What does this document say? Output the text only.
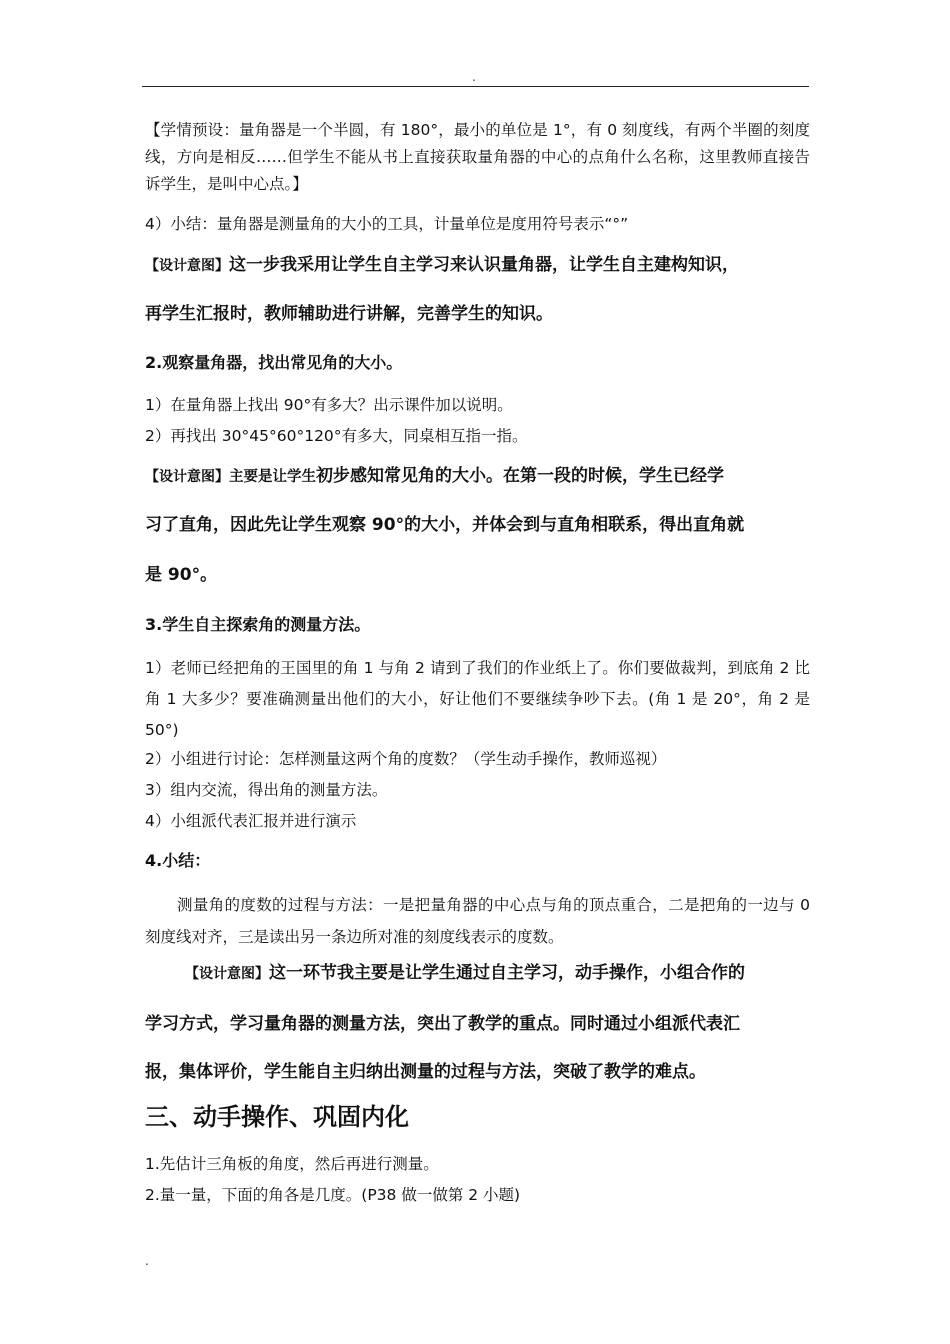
.
【学情预设：量角器是一个半圆，有 180°，最小的单位是 1°，有 0 刻度线，有两个半圈的刻度线，方向是相反……但学生不能从书上直接获取量角器的中心的点角什么名称，这里教师直接告诉学生，是叫中心点。】
4）小结：量角器是测量角的大小的工具，计量单位是度用符号表示“°”
【设计意图】这一步我采用让学生自主学习来认识量角器，让学生自主建构知识，
再学生汇报时，教师辅助进行讲解，完善学生的知识。
2.观察量角器，找出常见角的大小。
1）在量角器上找出 90°有多大？出示课件加以说明。
2）再找出 30°45°60°120°有多大，同桌相互指一指。
【设计意图】主要是让学生初步感知常见角的大小。在第一段的时候，学生已经学
习了直角，因此先让学生观察 90°的大小，并体会到与直角相联系，得出直角就
是 90°。
3.学生自主探索角的测量方法。
1）老师已经把角的王国里的角 1 与角 2 请到了我们的作业纸上了。你们要做裁判，到底角 2 比角 1 大多少？要准确测量出他们的大小，好让他们不要继续争吵下去。(角 1 是 20°，角 2 是 50°)
2）小组进行讨论：怎样测量这两个角的度数？（学生动手操作，教师巡视）
3）组内交流，得出角的测量方法。
4）小组派代表汇报并进行演示
4.小结：
测量角的度数的过程与方法：一是把量角器的中心点与角的顶点重合，二是把角的一边与 0 刻度线对齐，三是读出另一条边所对准的刻度线表示的度数。
【设计意图】这一环节我主要是让学生通过自主学习，动手操作，小组合作的
学习方式，学习量角器的测量方法，突出了教学的重点。同时通过小组派代表汇
报，集体评价，学生能自主归纳出测量的过程与方法，突破了教学的难点。
三、动手操作、巩固内化
1.先估计三角板的角度，然后再进行测量。
2.量一量，下面的角各是几度。(P38 做一做第 2 小题)
.
